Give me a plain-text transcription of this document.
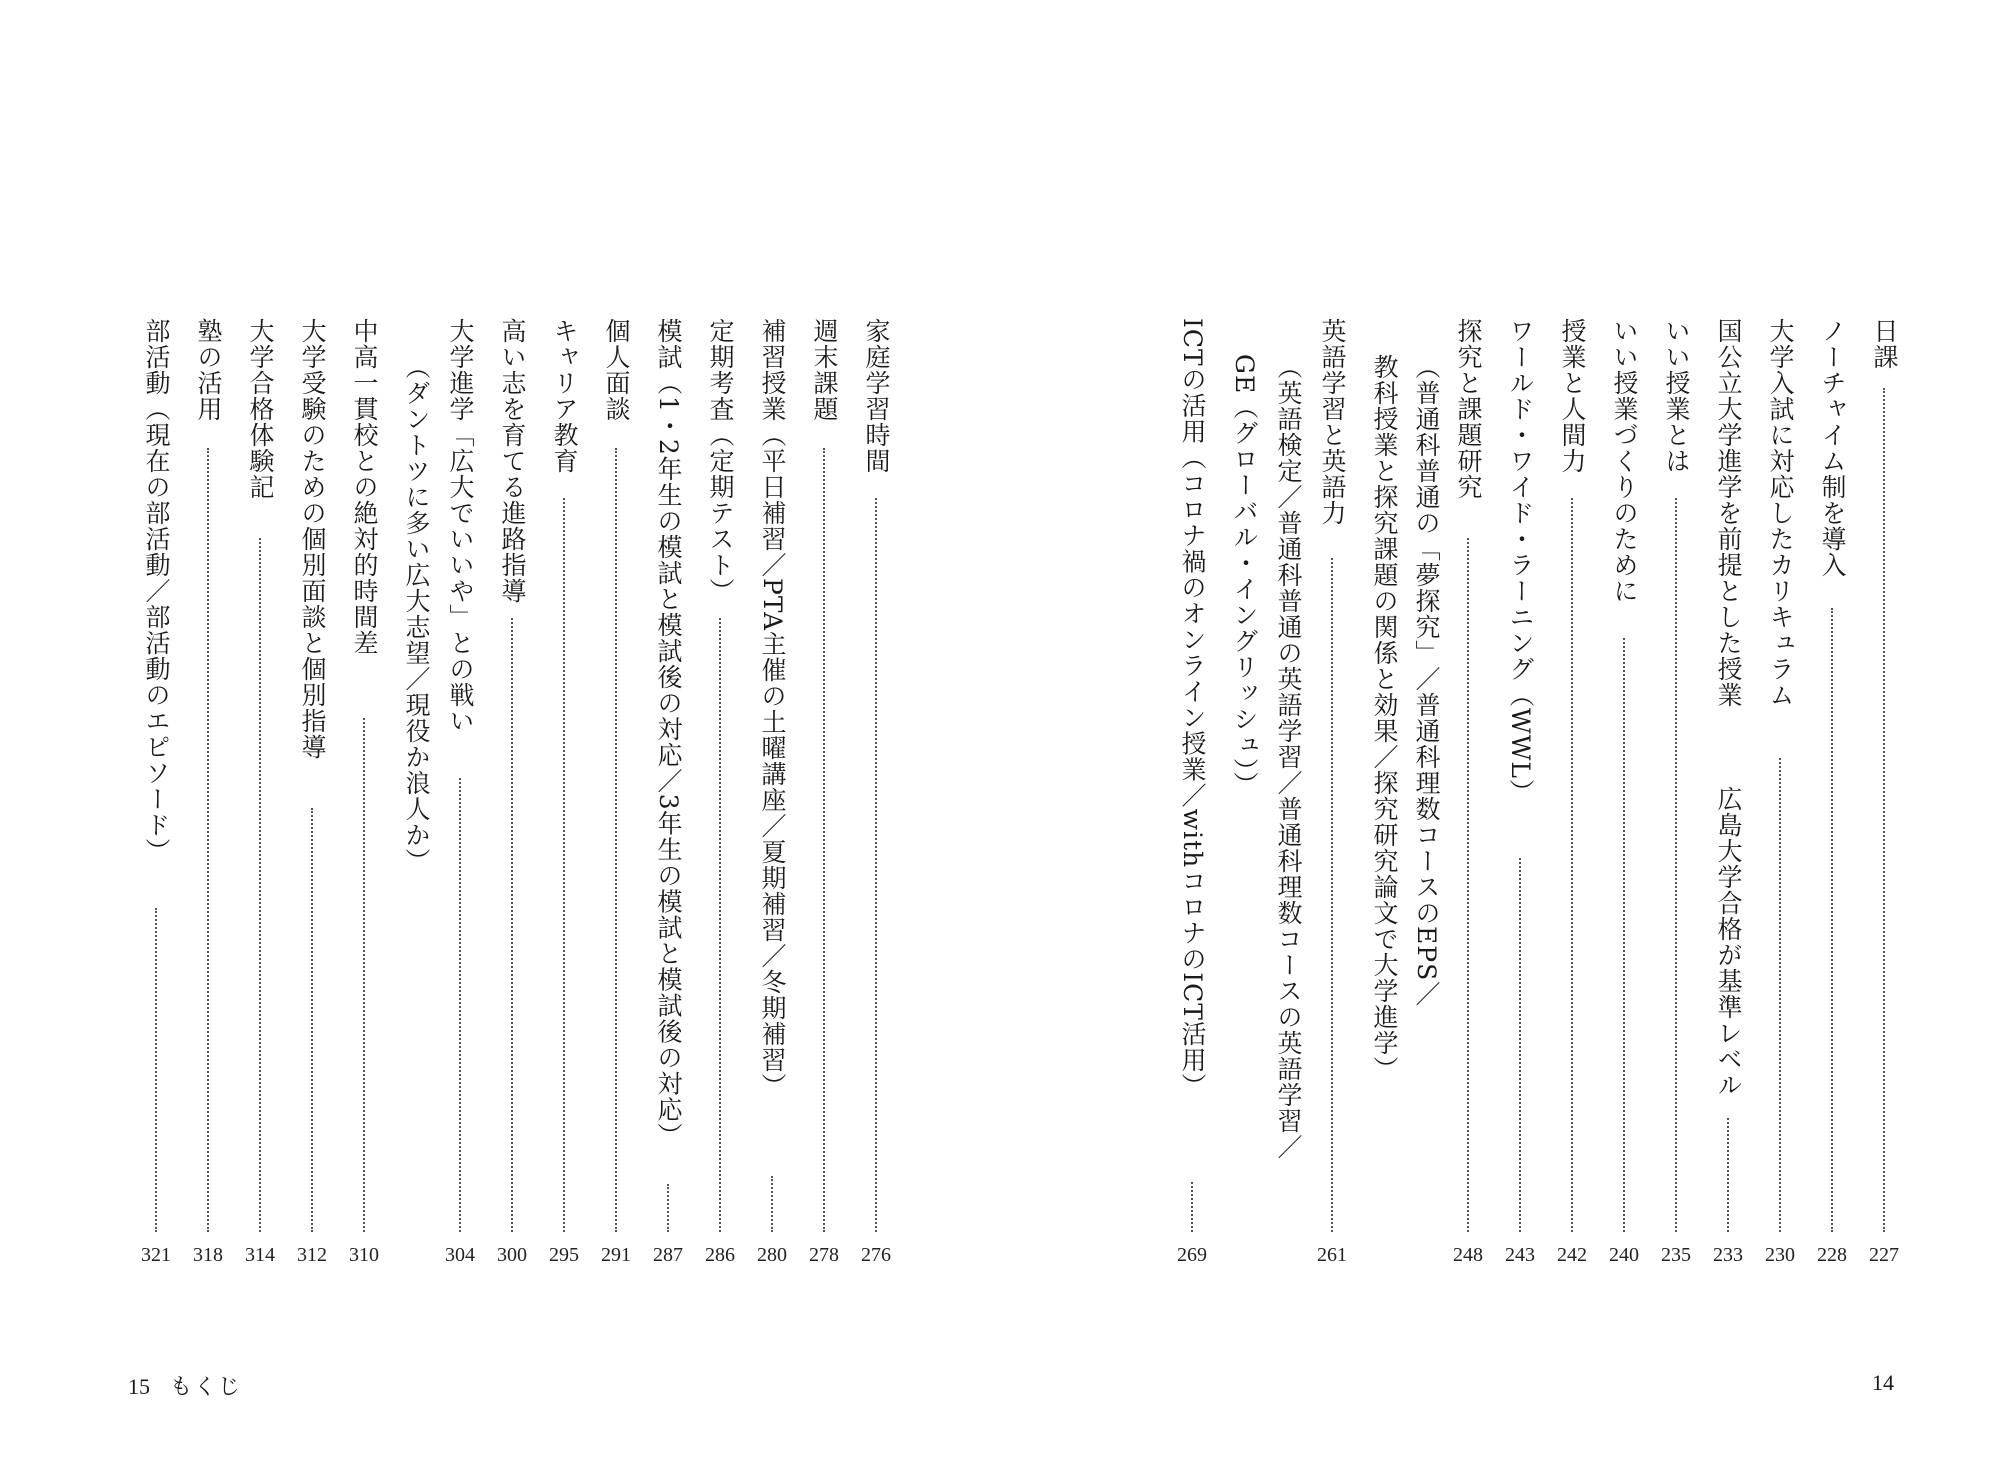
日課
227
ノーチャイム制を導入
228
大学入試に対応したカリキュラム
230
国公立大学進学を前提とした授業
広島大学合格が基準レベル
233
いい授業とは
235
いい授業づくりのために
240
授業と人間力
242
ワールド・ワイド・ラーニング（WWL）
243
探究と課題研究
248
（普通科普通の「夢探究」／普通科理数コースのEPS／
教科授業と探究課題の関係と効果／探究研究論文で大学進学）
英語学習と英語力
261
（英語検定／普通科普通の英語学習／普通科理数コースの英語学習／
GE（グローバル・イングリッシュ））
ICTの活用（コロナ禍のオンライン授業／withコロナのICT活用）
269
14
家庭学習時間
276
週末課題
278
補習授業（平日補習／PTA主催の土曜講座／夏期補習／冬期補習）
280
定期考査（定期テスト）
286
模試（1・2年生の模試と模試後の対応／3年生の模試と模試後の対応）
287
個人面談
291
キャリア教育
295
高い志を育てる進路指導
300
大学進学「広大でいいや」との戦い
304
（ダントツに多い広大志望／現役か浪人か）
中高一貫校との絶対的時間差
310
大学受験のための個別面談と個別指導
312
大学合格体験記
314
塾の活用
318
部活動（現在の部活動／部活動のエピソード）
321
15 もくじ
